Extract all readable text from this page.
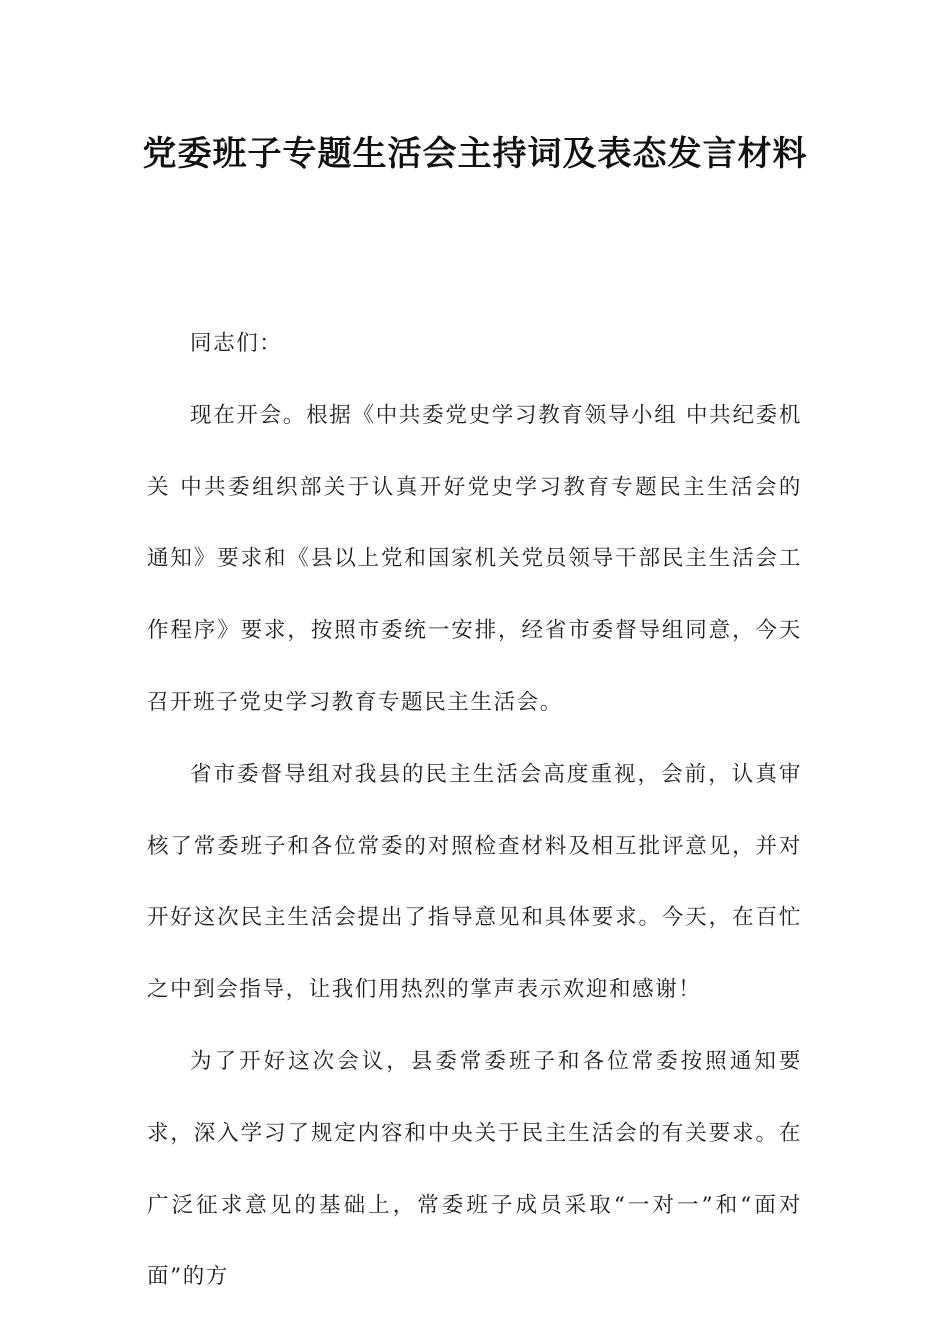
党委班子专题生活会主持词及表态发言材料

同志们：

现在开会。根据《中共委党史学习教育领导小组 中共纪委机关 中共委组织部关于认真开好党史学习教育专题民主生活会的通知》要求和《县以上党和国家机关党员领导干部民主生活会工作程序》要求，按照市委统一安排，经省市委督导组同意，今天召开班子党史学习教育专题民主生活会。

省市委督导组对我县的民主生活会高度重视，会前，认真审核了常委班子和各位常委的对照检查材料及相互批评意见，并对开好这次民主生活会提出了指导意见和具体要求。今天，在百忙之中到会指导，让我们用热烈的掌声表示欢迎和感谢！

为了开好这次会议，县委常委班子和各位常委按照通知要求，深入学习了规定内容和中央关于民主生活会的有关要求。在广泛征求意见的基础上，常委班子成员采取“一对一”和“面对面”的方
